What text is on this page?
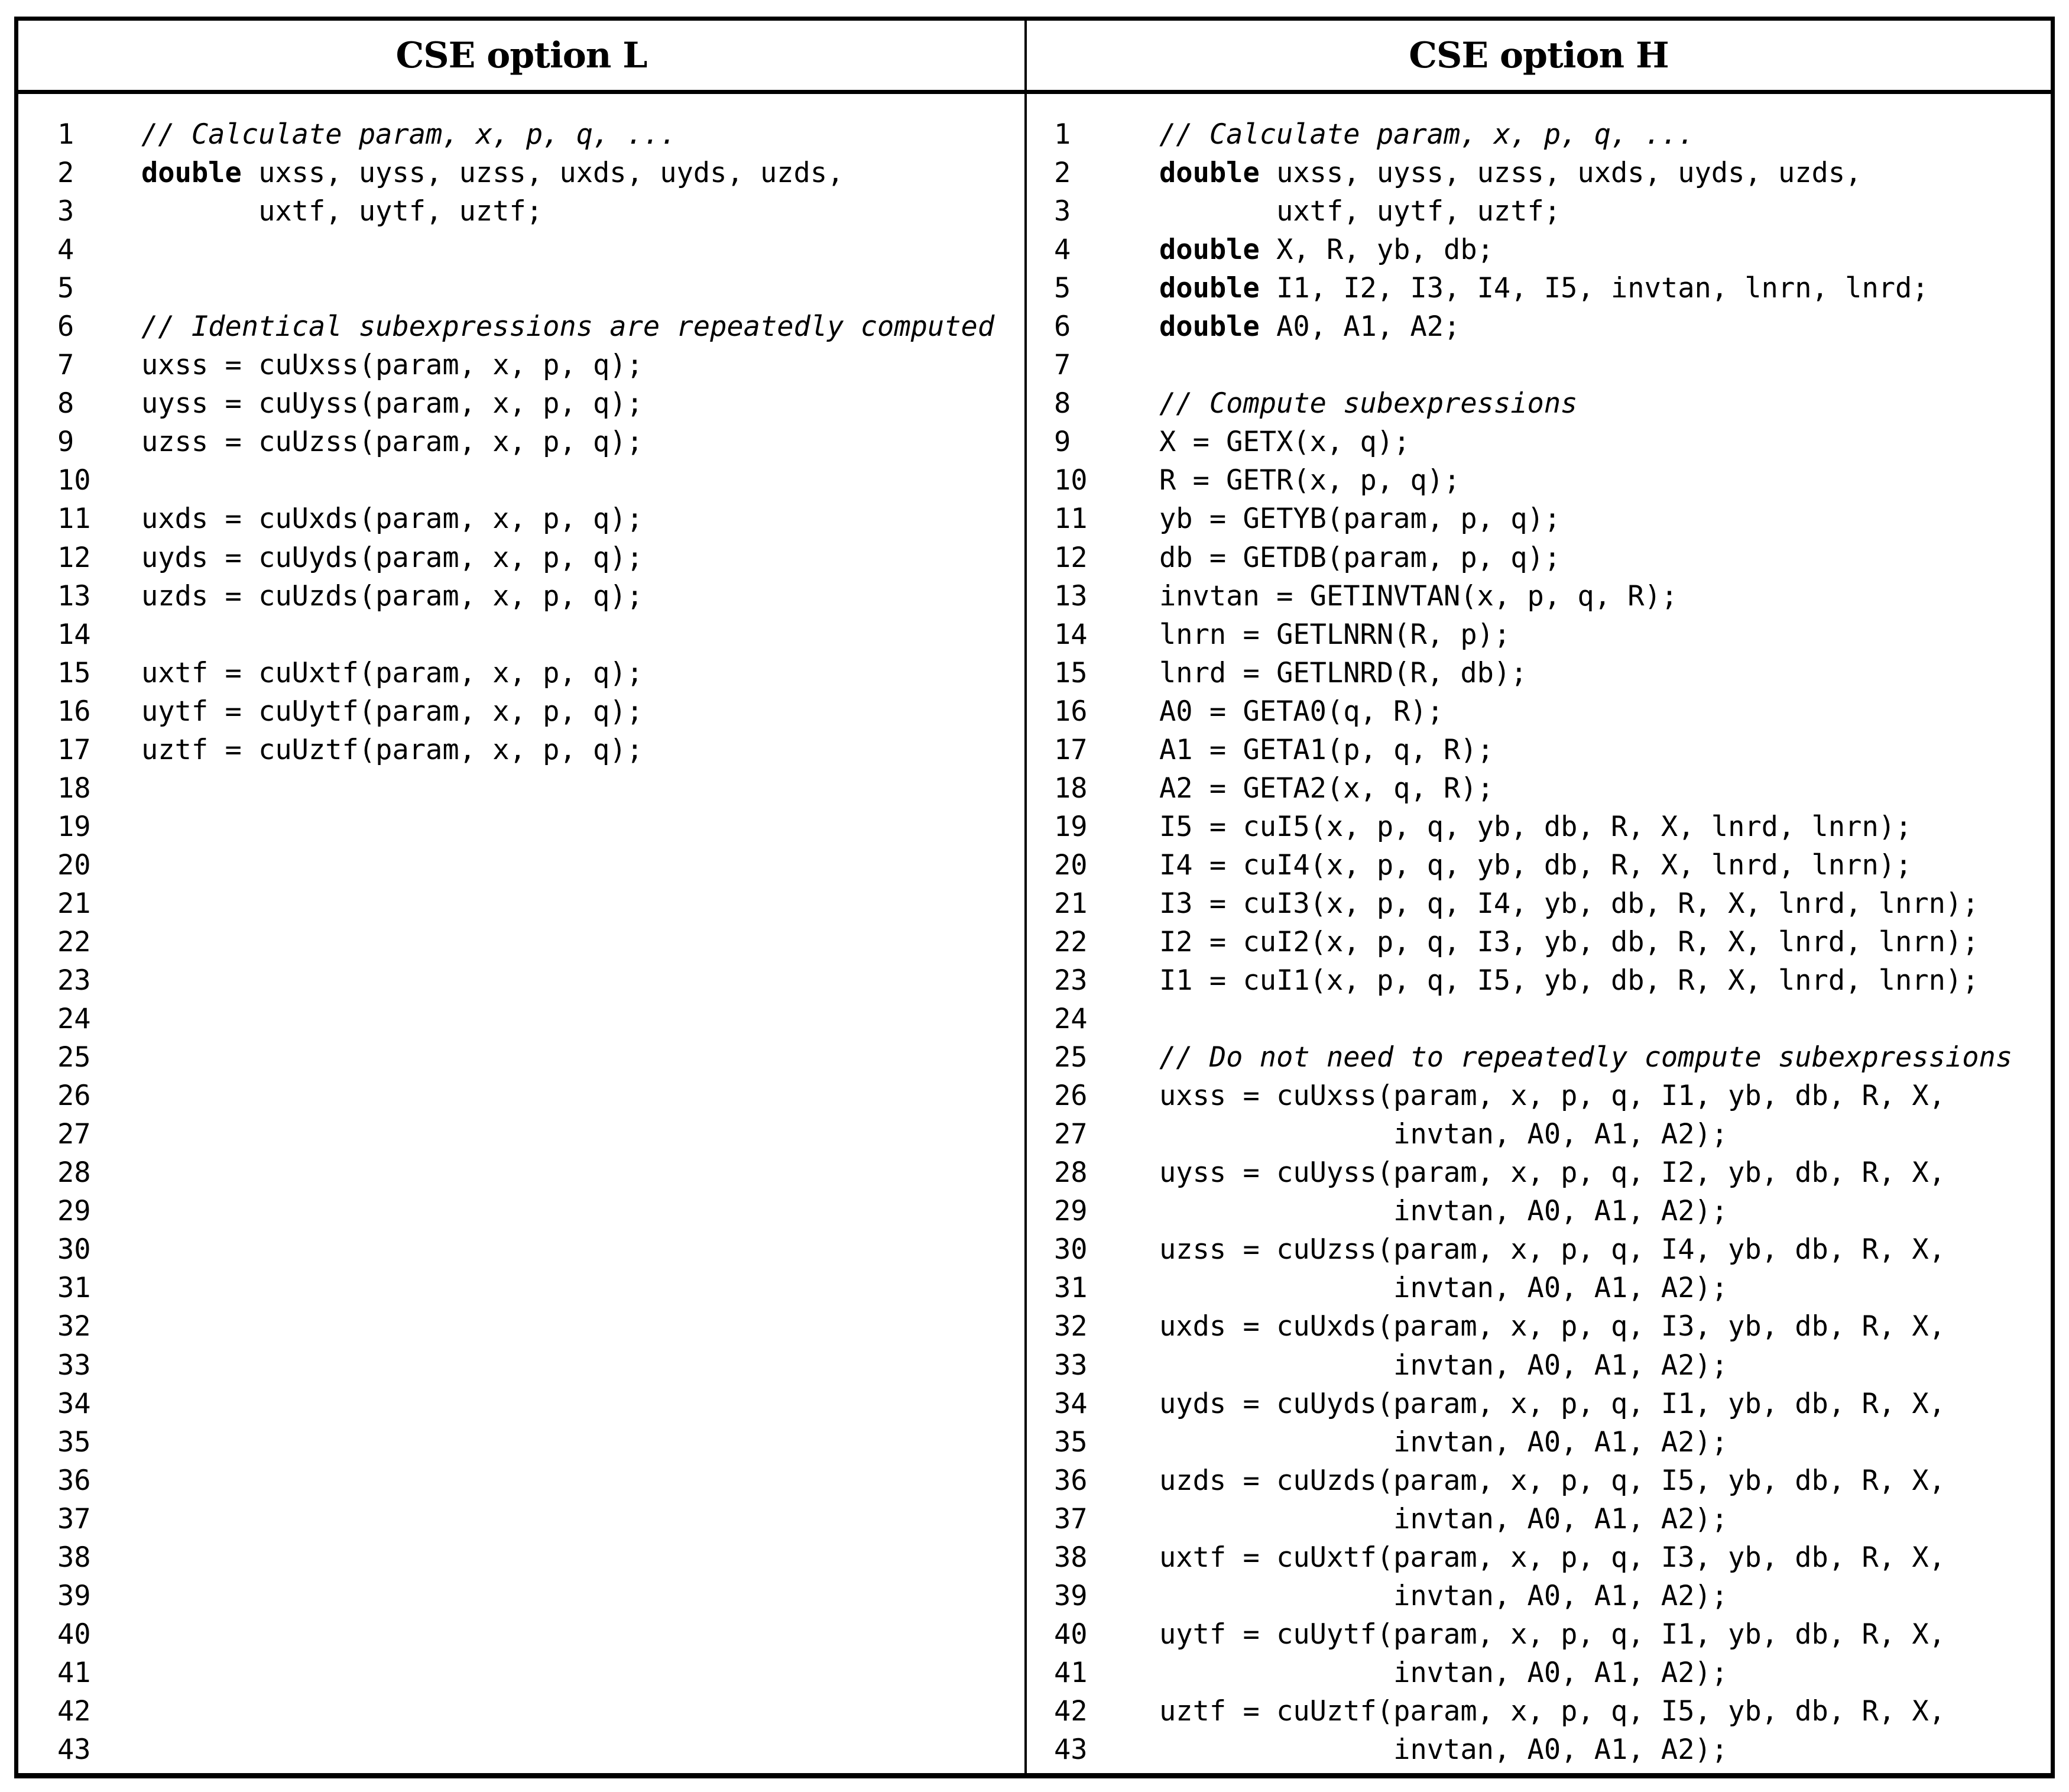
CSE option L
1 // Calculate param, x, p, q, ...
2 double uxss, uyss, uzss, uxds, uyds, uzds,
3 uxtf, uytf, uztf;
4
5
6 // Identical subexpressions are repeatedly computed
7 uxss = cuUxss(param, x, p, q);
8 uyss = cuUyss(param, x, p, q);
9 uzss = cuUzss(param, x, p, q);
10
11 uxds = cuUxds(param, x, p, q);
12 uyds = cuUyds(param, x, p, q);
13 uzds = cuUzds(param, x, p, q);
14
15 uxtf = cuUxtf(param, x, p, q);
16 uytf = cuUytf(param, x, p, q);
17 uztf = cuUztf(param, x, p, q);
18
19
20
21
22
23
24
25
26
27
28
29
30
31
32
33
34
35
36
37
38
39
40
41
42
43
CSE option H
1	// Calculate param, x, p, q, ...
2	double uxss, uyss, uzss, uxds, uyds, uzds,
3	uxtf, uytf, uztf;
4	double X, R, yb, db;
5	double I1, I2, I3, I4, I5, invtan, lnrn, lnrd;
6	double A0, A1, A2;
7
8	// Compute subexpressions
9	X = GETX(x, q);
10	R = GETR(x, p, q);
11	yb = GETYB(param, p, q);
12	db = GETDB(param, p, q);
13	invtan = GETINVTAN(x, p, q, R);
14	lnrn = GETLNRN(R, p);
15	lnrd = GETLNRD(R, db);
16	A0 = GETA0(q, R);
17	A1 = GETA1(p, q, R);
18	A2 = GETA2(x, q, R);
19	I5 = cuI5(x, p, q, yb, db, R, X, lnrd, lnrn);
20	I4 = cuI4(x, p, q, yb, db, R, X, lnrd, lnrn);
21	I3 = cuI3(x, p, q, I4, yb, db, R, X, lnrd, lnrn);
22	I2 = cuI2(x, p, q, I3, yb, db, R, X, lnrd, lnrn);
23	I1 = cuI1(x, p, q, I5, yb, db, R, X, lnrd, lnrn);
24
25	// Do not need to repeatedly compute subexpressions
26	uxss = cuUxss(param, x, p, q, I1, yb, db, R, X,
27	invtan, A0, A1, A2);
28	uyss = cuUyss(param, x, p, q, I2, yb, db, R, X,
29	invtan, A0, A1, A2);
30	uzss = cuUzss(param, x, p, q, I4, yb, db, R, X,
31	invtan, A0, A1, A2);
32	uxds = cuUxds(param, x, p, q, I3, yb, db, R, X,
33	invtan, A0, A1, A2);
34	uyds = cuUyds(param, x, p, q, I1, yb, db, R, X,
35	invtan, A0, A1, A2);
36	uzds = cuUzds(param, x, p, q, I5, yb, db, R, X,
37	invtan, A0, A1, A2);
38	uxtf = cuUxtf(param, x, p, q, I3, yb, db, R, X,
39	invtan, A0, A1, A2);
40	uytf = cuUytf(param, x, p, q, I1, yb, db, R, X,
41	invtan, A0, A1, A2);
42	uztf = cuUztf(param, x, p, q, I5, yb, db, R, X,
43	invtan, A0, A1, A2);
